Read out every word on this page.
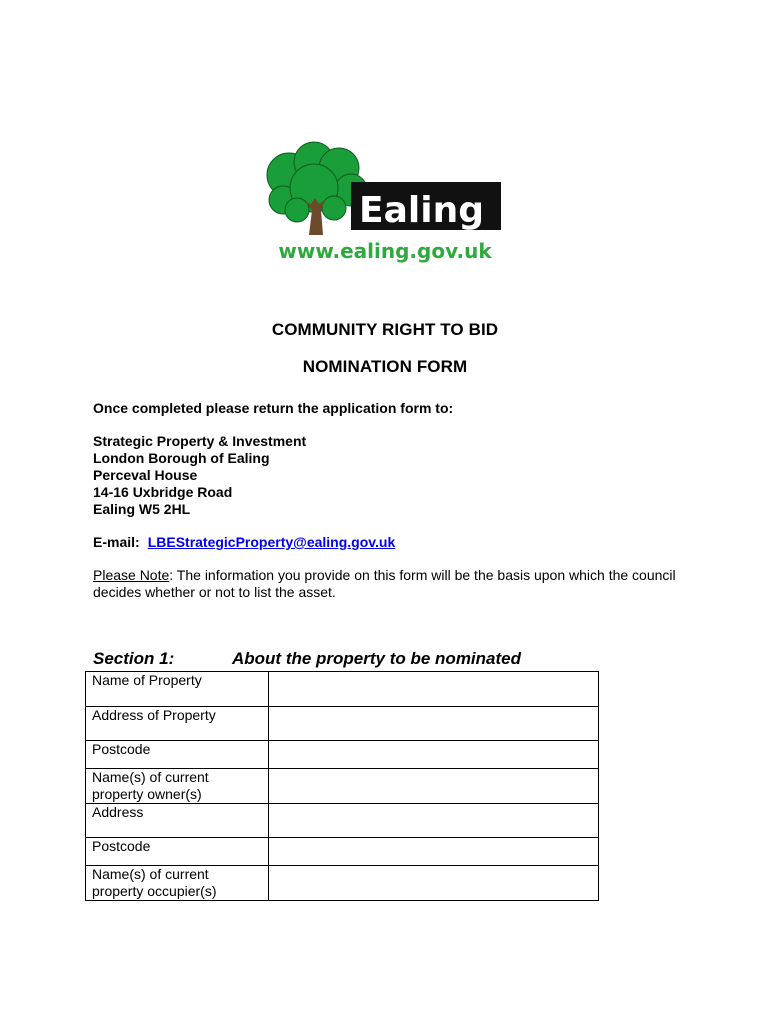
Ealing
www.ealing.gov.uk
COMMUNITY RIGHT TO BID
NOMINATION FORM
Once completed please return the application form to:
Strategic Property & Investment
London Borough of Ealing
Perceval House
14-16 Uxbridge Road
Ealing W5 2HL
E-mail: LBEStrategicProperty@ealing.gov.uk
Please Note: The information you provide on this form will be the basis upon which the council decides whether or not to list the asset.
Section 1:	About the property to be nominated
Name of Property	
Address of Property	
Postcode	
Name(s) of current property owner(s)	
Address	
Postcode	
Name(s) of current property occupier(s)	
